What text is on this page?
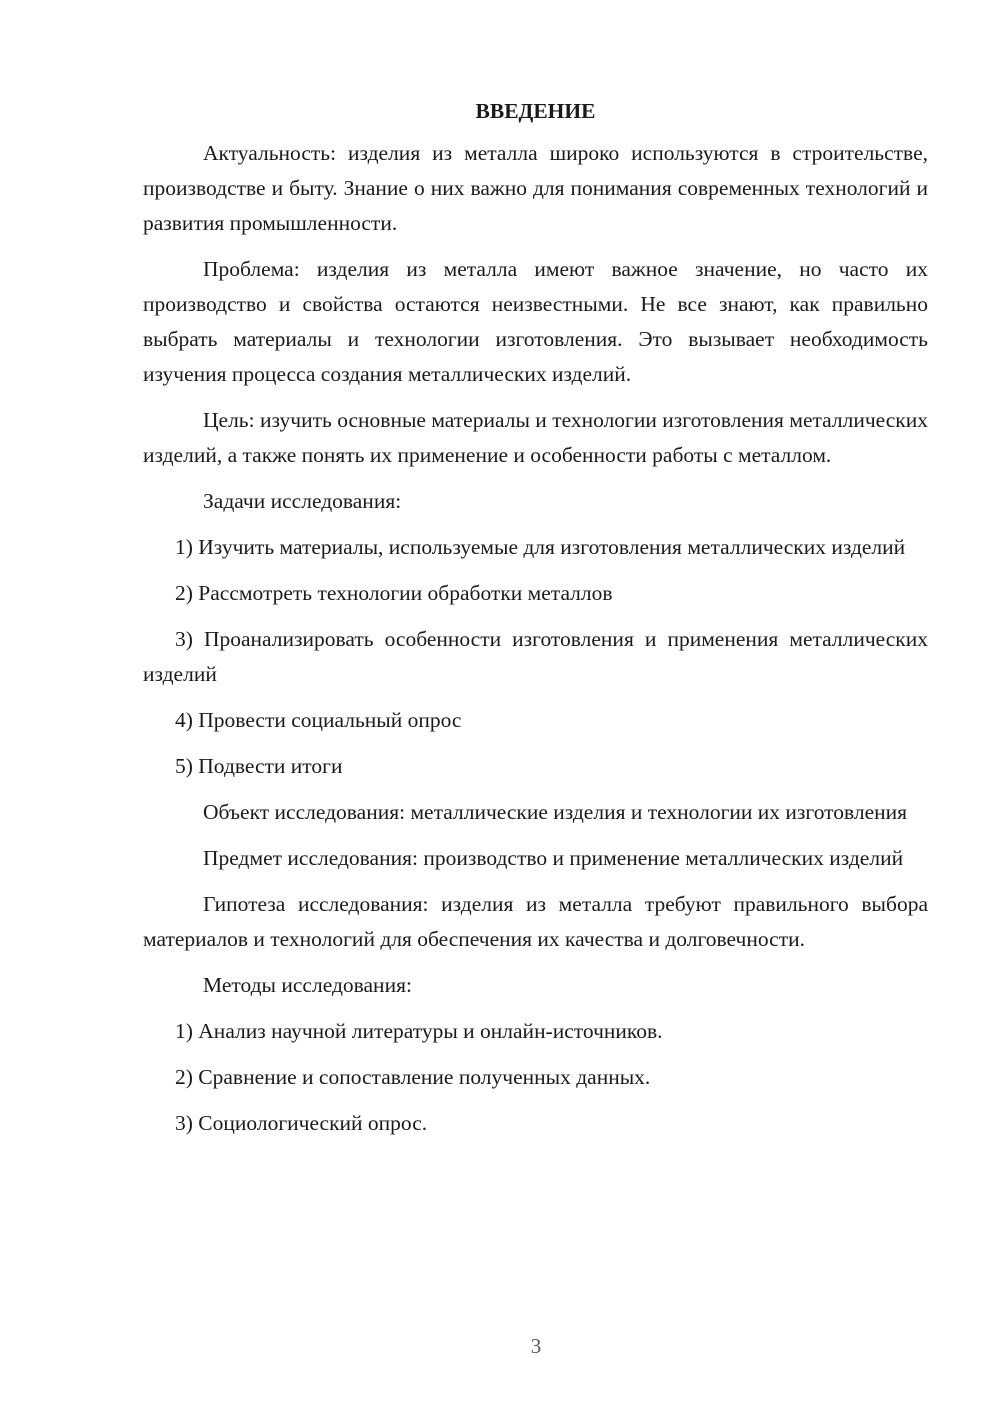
ВВЕДЕНИЕ

Актуальность: изделия из металла широко используются в строительстве, производстве и быту. Знание о них важно для понимания современных технологий и развития промышленности.

Проблема: изделия из металла имеют важное значение, но часто их производство и свойства остаются неизвестными. Не все знают, как правильно выбрать материалы и технологии изготовления. Это вызывает необходимость изучения процесса создания металлических изделий.

Цель: изучить основные материалы и технологии изготовления металлических изделий, а также понять их применение и особенности работы с металлом.

Задачи исследования:

1) Изучить материалы, используемые для изготовления металлических изделий

2) Рассмотреть технологии обработки металлов

3) Проанализировать особенности изготовления и применения металлических изделий

4) Провести социальный опрос

5) Подвести итоги

Объект исследования: металлические изделия и технологии их изготовления

Предмет исследования: производство и применение металлических изделий

Гипотеза исследования: изделия из металла требуют правильного выбора материалов и технологий для обеспечения их качества и долговечности.

Методы исследования:

1) Анализ научной литературы и онлайн-источников.

2) Сравнение и сопоставление полученных данных.

3) Социологический опрос.

3
